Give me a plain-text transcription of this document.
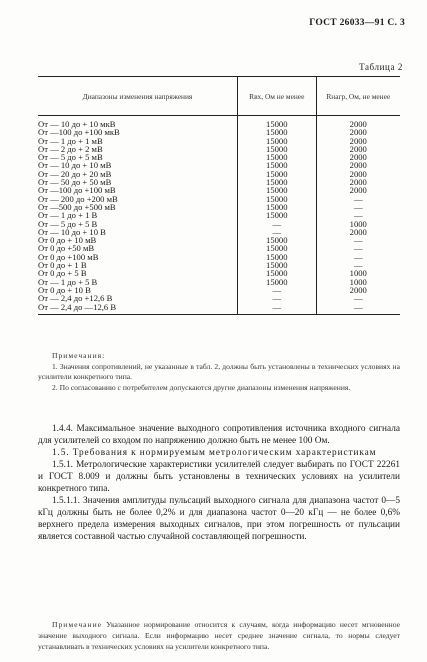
ГОСТ 26033—91 С. 3
Таблица 2
Диапазоны изменения напряжения	Rвх, Ом не менее	Rнагр, Ом, не менее
От — 10 до + 10 мкВ	15000	2000
От —100 до +100 мкВ	15000	2000
От — 1 до + 1 мВ	15000	2000
От — 2 до + 2 мВ	15000	2000
От — 5 до + 5 мВ	15000	2000
От — 10 до + 10 мВ	15000	2000
От — 20 до + 20 мВ	15000	2000
От — 50 до + 50 мВ	15000	2000
От —100 до +100 мВ	15000	2000
От — 200 до +200 мВ	15000	—
От —500 до +500 мВ	15000	—
От — 1 до + 1 В	15000	—
От — 5 до + 5 В	—	1000
От — 10 до + 10 В	—	2000
От 0 до + 10 мВ	15000	—
От 0 до +50 мВ	15000	—
От 0 до +100 мВ	15000	—
От 0 до + 1 В	15000	—
От 0 до + 5 В	15000	1000
От — 1 до + 5 В	15000	1000
От 0 до + 10 В	—	2000
От — 2,4 до +12,6 В	—	—
От — 2,4 до —12,6 В	—	—
Примечания:

1. Значения сопротивлений, не указанные в табл. 2, должны быть установлены в технических условиях на усилители конкретного типа.

2. По согласованию с потребителем допускаются другие диапазоны изменения напряжения.

1.4.4. Максимальное значение выходного сопротивления источника входного сигнала для усилителей со входом по напряжению должно быть не менее 100 Ом.

1.5. Требования к нормируемым метрологическим характеристикам

1.5.1. Метрологические характеристики усилителей следует выбирать по ГОСТ 22261 и ГОСТ 8.009 и должны быть установлены в технических условиях на усилители конкретного типа.

1.5.1.1. Значения амплитуды пульсаций выходного сигнала для диапазона частот 0—5 кГц должны быть не более 0,2% и для диапазона частот 0—20 кГц — не более 0,6% верхнего предела измерения выходных сигналов, при этом погрешность от пульсации является составной частью случайной составляющей погрешности.

Примечание Указанное нормирование относится к случаям, когда информацию несет мгновенное значение выходного сигнала. Если информацию несет среднее значение сигнала, то нормы следует устанавливать в технических условиях на усилители конкретного типа.
